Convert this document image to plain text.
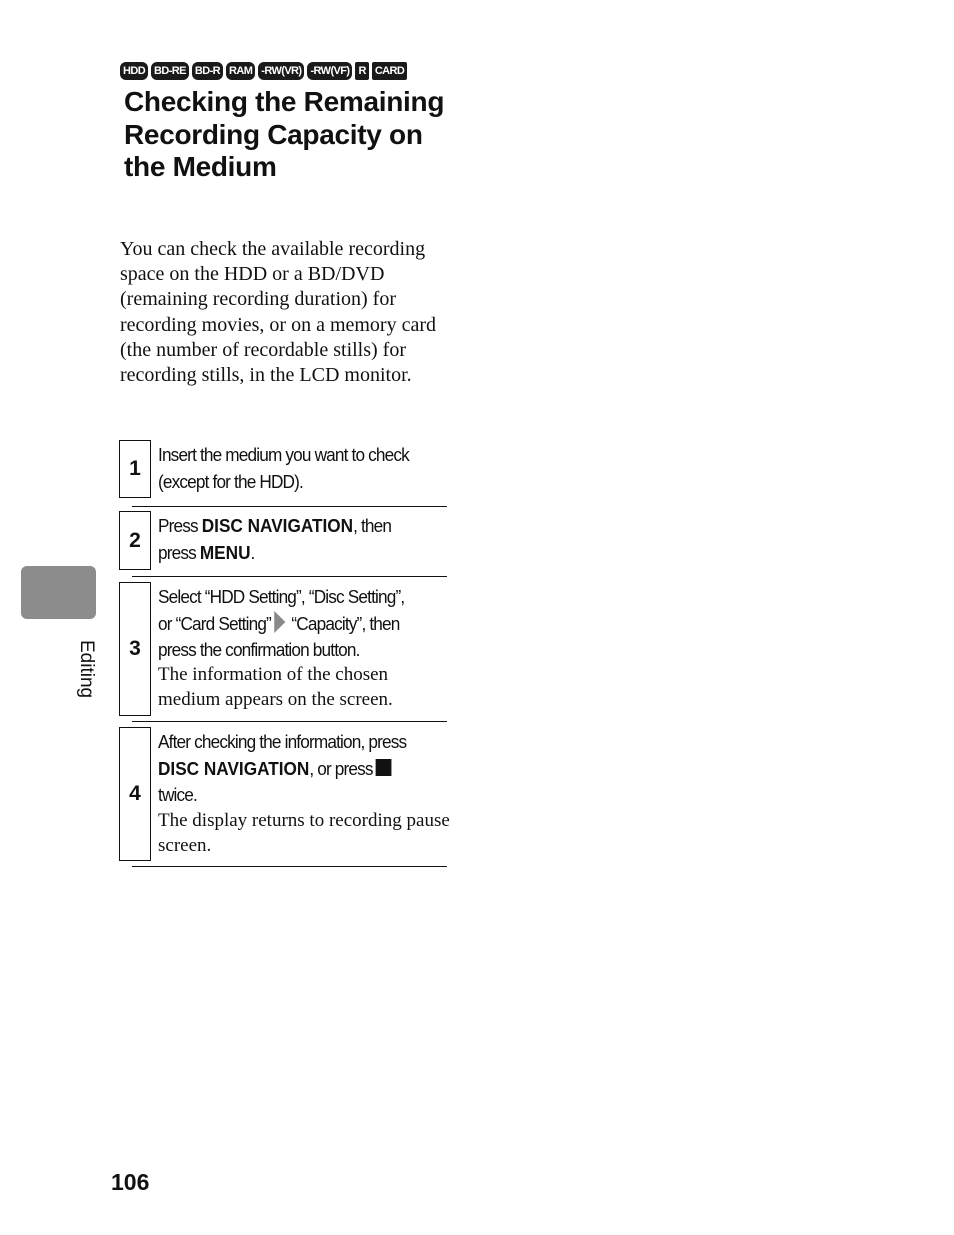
HDD BD-RE BD-R RAM -RW(VR) -RW(VF) R CARD
Checking the Remaining Recording Capacity on the Medium

You can check the available recording space on the HDD or a BD/DVD (remaining recording duration) for recording movies, or on a memory card (the number of recordable stills) for recording stills, in the LCD monitor.

1
Insert the medium you want to check
(except for the HDD).
2
Press DISC NAVIGATION, then
press MENU.
3
Select “HDD Setting”, “Disc Setting”,
or “Card Setting” “Capacity”, then
press the confirmation button.
The information of the chosen medium appears on the screen.
4
After checking the information, press
DISC NAVIGATION, or press
twice.
The display returns to recording pause screen.
Editing
106
